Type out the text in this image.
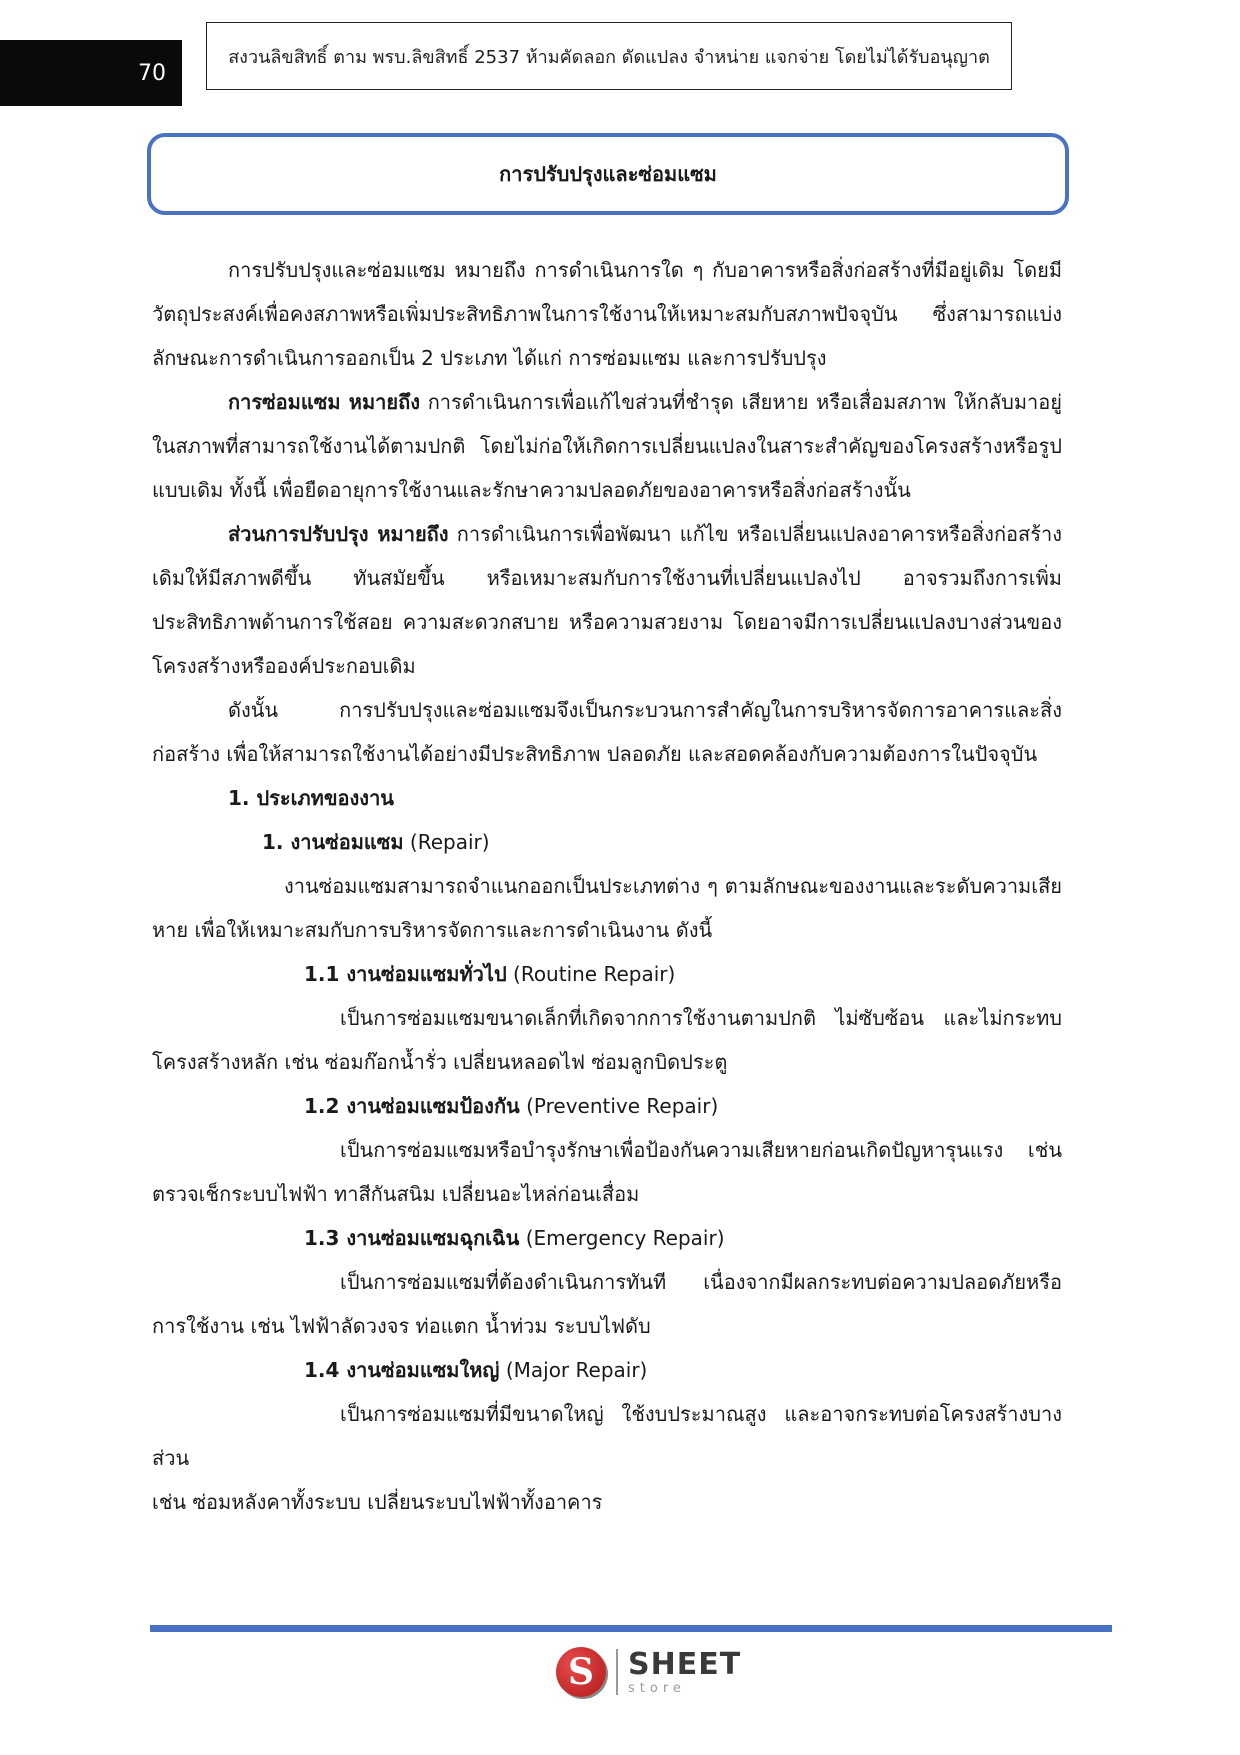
70
สงวนลิขสิทธิ์ ตาม พรบ.ลิขสิทธิ์ 2537 ห้ามคัดลอก ดัดแปลง จำหน่าย แจกจ่าย โดยไม่ได้รับอนุญาต
การปรับปรุงและซ่อมแซม

การปรับปรุงและซ่อมแซม หมายถึง การดำเนินการใด ๆ กับอาคารหรือสิ่งก่อสร้างที่มีอยู่เดิม โดยมีวัตถุประสงค์เพื่อคงสภาพหรือเพิ่มประสิทธิภาพในการใช้งานให้เหมาะสมกับสภาพปัจจุบัน ซึ่งสามารถแบ่งลักษณะการดำเนินการออกเป็น 2 ประเภท ได้แก่ การซ่อมแซม และการปรับปรุง

การซ่อมแซม หมายถึง การดำเนินการเพื่อแก้ไขส่วนที่ชำรุด เสียหาย หรือเสื่อมสภาพ ให้กลับมาอยู่ในสภาพที่สามารถใช้งานได้ตามปกติ โดยไม่ก่อให้เกิดการเปลี่ยนแปลงในสาระสำคัญของโครงสร้างหรือรูปแบบเดิม ทั้งนี้ เพื่อยืดอายุการใช้งานและรักษาความปลอดภัยของอาคารหรือสิ่งก่อสร้างนั้น

ส่วนการปรับปรุง หมายถึง การดำเนินการเพื่อพัฒนา แก้ไข หรือเปลี่ยนแปลงอาคารหรือสิ่งก่อสร้างเดิมให้มีสภาพดีขึ้น ทันสมัยขึ้น หรือเหมาะสมกับการใช้งานที่เปลี่ยนแปลงไป อาจรวมถึงการเพิ่มประสิทธิภาพด้านการใช้สอย ความสะดวกสบาย หรือความสวยงาม โดยอาจมีการเปลี่ยนแปลงบางส่วนของโครงสร้างหรือองค์ประกอบเดิม

ดังนั้น การปรับปรุงและซ่อมแซมจึงเป็นกระบวนการสำคัญในการบริหารจัดการอาคารและสิ่งก่อสร้าง เพื่อให้สามารถใช้งานได้อย่างมีประสิทธิภาพ ปลอดภัย และสอดคล้องกับความต้องการในปัจจุบัน

1. ประเภทของงาน

1. งานซ่อมแซม (Repair)

งานซ่อมแซมสามารถจำแนกออกเป็นประเภทต่าง ๆ ตามลักษณะของงานและระดับความเสียหาย เพื่อให้เหมาะสมกับการบริหารจัดการและการดำเนินงาน ดังนี้

1.1 งานซ่อมแซมทั่วไป (Routine Repair)

เป็นการซ่อมแซมขนาดเล็กที่เกิดจากการใช้งานตามปกติ ไม่ซับซ้อน และไม่กระทบโครงสร้างหลัก เช่น ซ่อมก๊อกน้ำรั่ว เปลี่ยนหลอดไฟ ซ่อมลูกบิดประตู

1.2 งานซ่อมแซมป้องกัน (Preventive Repair)

เป็นการซ่อมแซมหรือบำรุงรักษาเพื่อป้องกันความเสียหายก่อนเกิดปัญหารุนแรง เช่น ตรวจเช็กระบบไฟฟ้า ทาสีกันสนิม เปลี่ยนอะไหล่ก่อนเสื่อม

1.3 งานซ่อมแซมฉุกเฉิน (Emergency Repair)

เป็นการซ่อมแซมที่ต้องดำเนินการทันที เนื่องจากมีผลกระทบต่อความปลอดภัยหรือการใช้งาน เช่น ไฟฟ้าลัดวงจร ท่อแตก น้ำท่วม ระบบไฟดับ

1.4 งานซ่อมแซมใหญ่ (Major Repair)

เป็นการซ่อมแซมที่มีขนาดใหญ่ ใช้งบประมาณสูง และอาจกระทบต่อโครงสร้างบางส่วน

เช่น ซ่อมหลังคาทั้งระบบ เปลี่ยนระบบไฟฟ้าทั้งอาคาร

S	SHEET
store
